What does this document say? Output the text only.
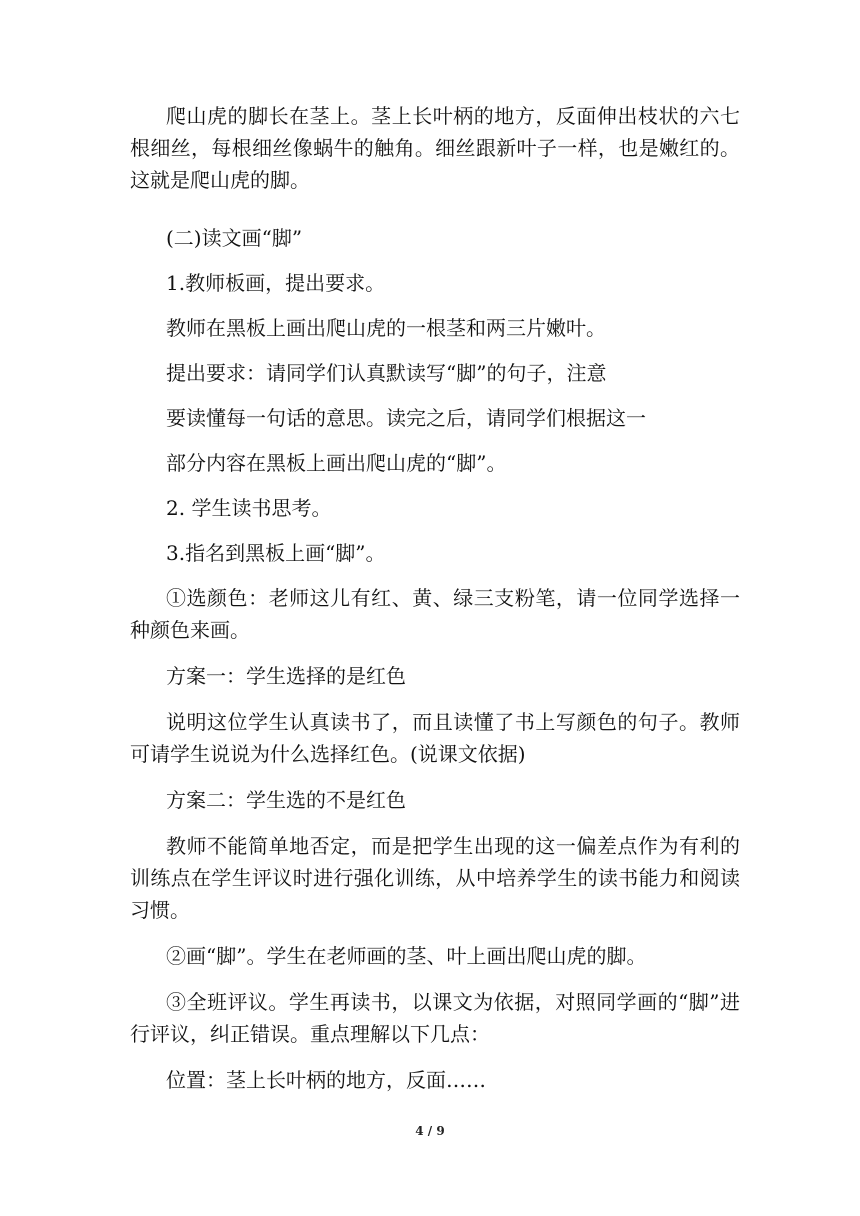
爬山虎的脚长在茎上。茎上长叶柄的地方，反面伸出枝状的六七根细丝，每根细丝像蜗牛的触角。细丝跟新叶子一样，也是嫩红的。这就是爬山虎的脚。

(二)读文画“脚”

1.教师板画，提出要求。

教师在黑板上画出爬山虎的一根茎和两三片嫩叶。

提出要求：请同学们认真默读写“脚”的句子，注意

要读懂每一句话的意思。读完之后，请同学们根据这一

部分内容在黑板上画出爬山虎的“脚”。

2. 学生读书思考。

3.指名到黑板上画“脚”。

①选颜色：老师这儿有红、黄、绿三支粉笔，请一位同学选择一种颜色来画。

方案一：学生选择的是红色

说明这位学生认真读书了，而且读懂了书上写颜色的句子。教师可请学生说说为什么选择红色。(说课文依据)

方案二：学生选的不是红色

教师不能简单地否定，而是把学生出现的这一偏差点作为有利的训练点在学生评议时进行强化训练，从中培养学生的读书能力和阅读习惯。

②画“脚”。学生在老师画的茎、叶上画出爬山虎的脚。

③全班评议。学生再读书，以课文为依据，对照同学画的“脚”进行评议，纠正错误。重点理解以下几点：

位置：茎上长叶柄的地方，反面……

4 / 9
